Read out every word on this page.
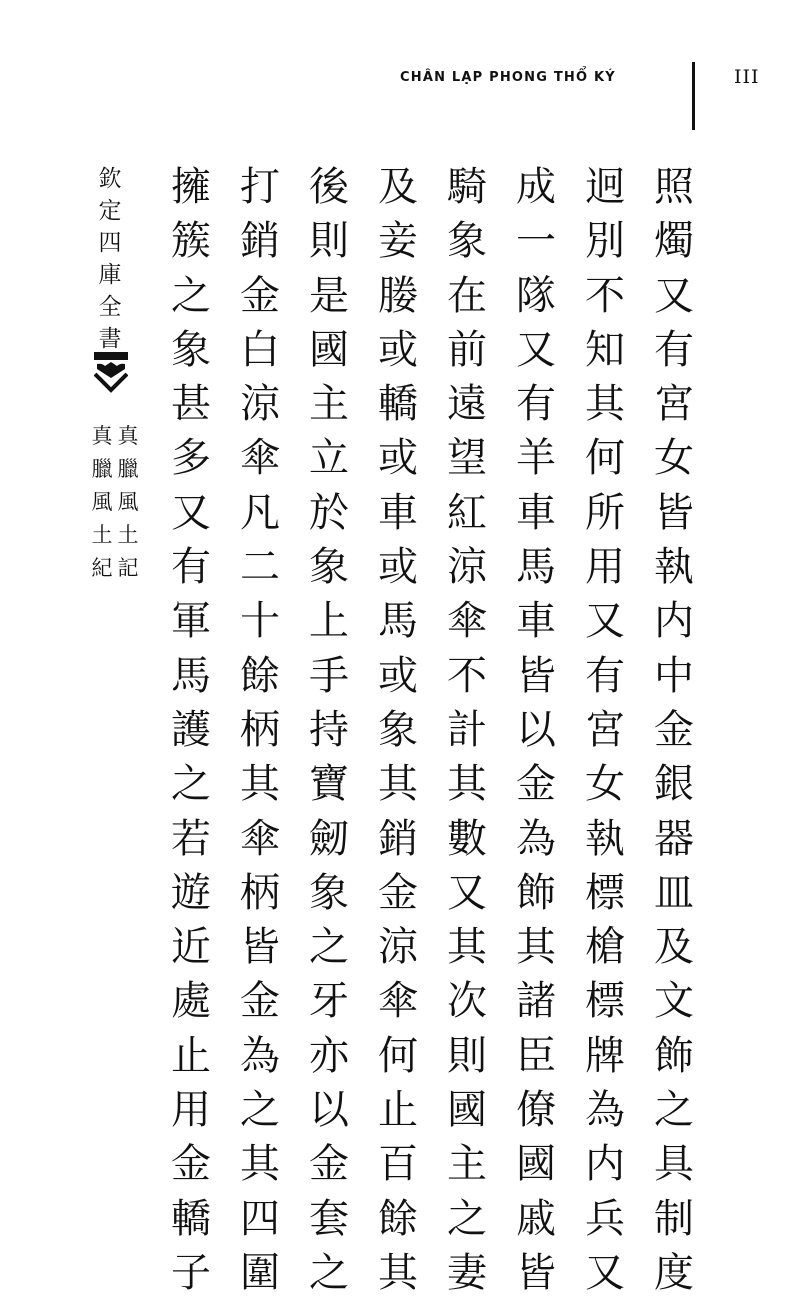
CHÂN LẠP PHONG THỔ KÝ	III
照
燭
又
有
宮
女
皆
執
内
中
金
銀
器
皿
及
文
飾
之
具
制
度
迥
別
不
知
其
何
所
用
又
有
宮
女
執
標
槍
標
牌
為
内
兵
又
成
一
隊
又
有
羊
車
馬
車
皆
以
金
為
飾
其
諸
臣
僚
國
戚
皆
騎
象
在
前
遠
望
紅
涼
傘
不
計
其
數
又
其
次
則
國
主
之
妻
及
妾
媵
或
轎
或
車
或
馬
或
象
其
銷
金
涼
傘
何
止
百
餘
其
後
則
是
國
主
立
於
象
上
手
持
寶
劒
象
之
牙
亦
以
金
套
之
打
銷
金
白
涼
傘
凡
二
十
餘
柄
其
傘
柄
皆
金
為
之
其
四
圍
擁
簇
之
象
甚
多
又
有
軍
馬
護
之
若
遊
近
處
止
用
金
轎
子
欽
定
四
庫
全
書
真
臘
風
土
記
真
臘
風
土
紀
